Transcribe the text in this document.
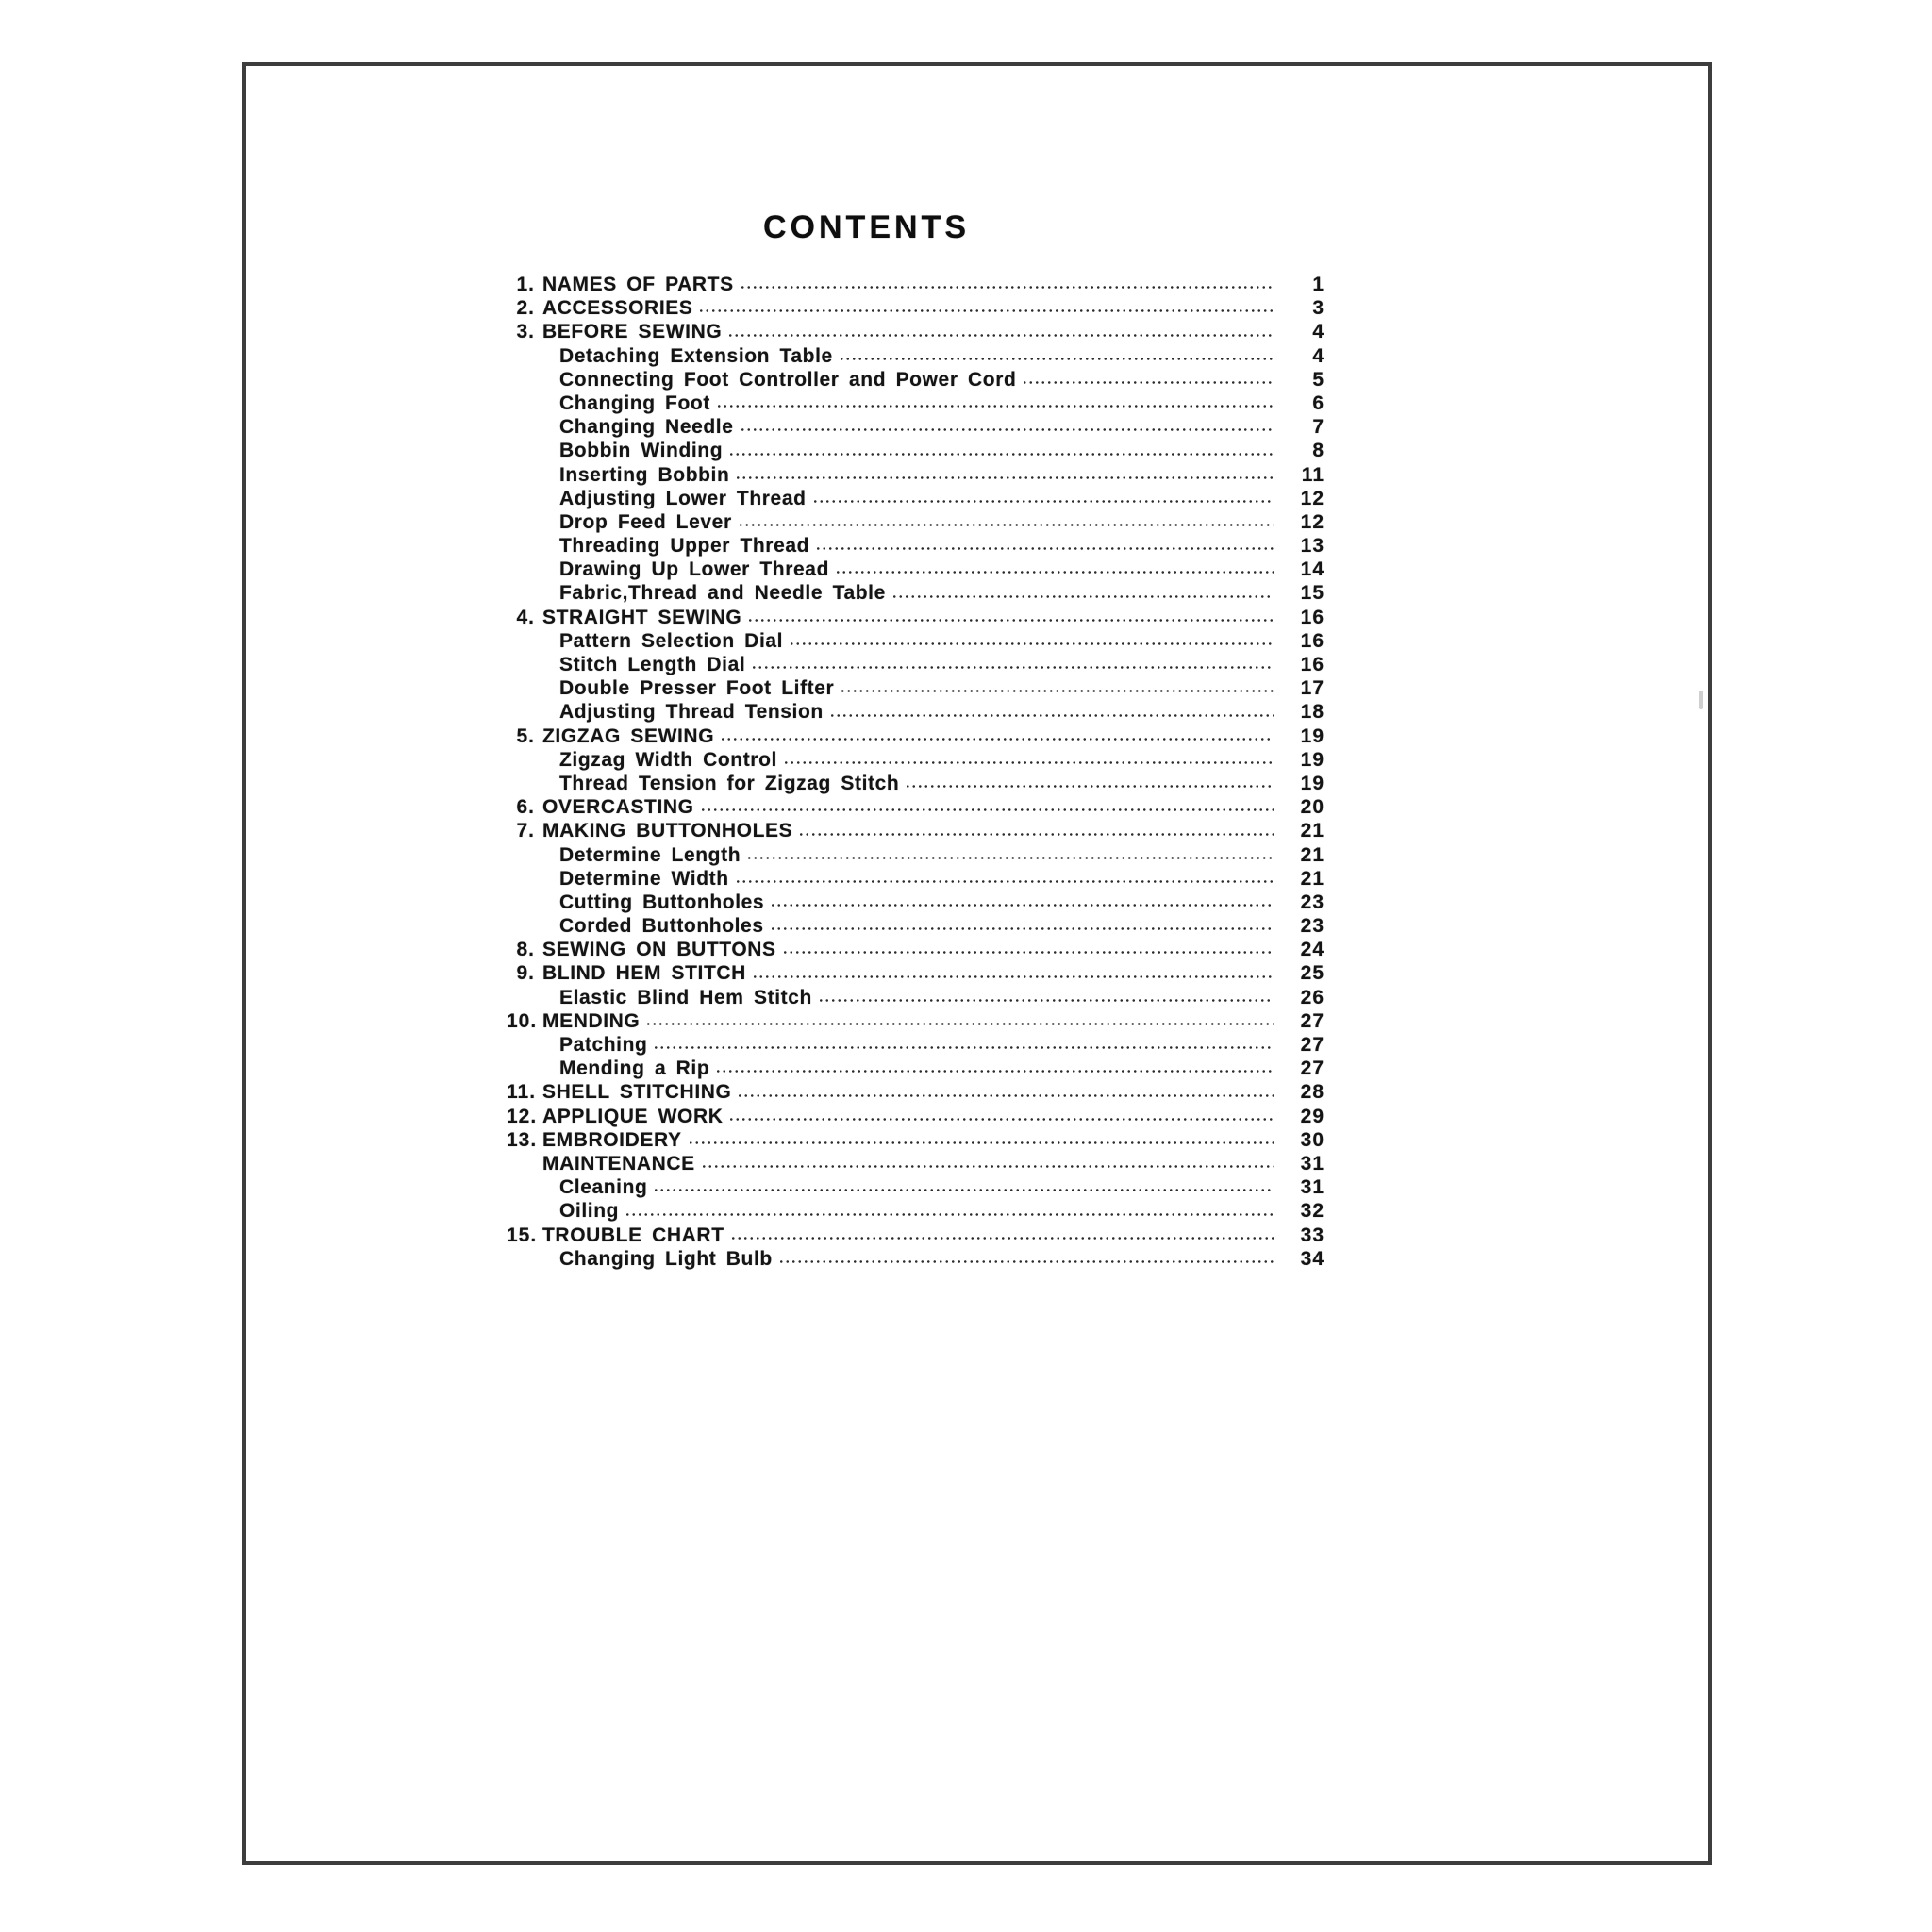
CONTENTS
1. NAMES OF PARTS	1
2. ACCESSORIES	3
3. BEFORE SEWING	4
Detaching Extension Table	4
Connecting Foot Controller and Power Cord	5
Changing Foot	6
Changing Needle	7
Bobbin Winding	8
Inserting Bobbin	11
Adjusting Lower Thread	12
Drop Feed Lever	12
Threading Upper Thread	13
Drawing Up Lower Thread	14
Fabric,Thread and Needle Table	15
4. STRAIGHT SEWING	16
Pattern Selection Dial	16
Stitch Length Dial	16
Double Presser Foot Lifter	17
Adjusting Thread Tension	18
5. ZIGZAG SEWING	19
Zigzag Width Control	19
Thread Tension for Zigzag Stitch	19
6. OVERCASTING	20
7. MAKING BUTTONHOLES	21
Determine Length	21
Determine Width	21
Cutting Buttonholes	23
Corded Buttonholes	23
8. SEWING ON BUTTONS	24
9. BLIND HEM STITCH	25
Elastic Blind Hem Stitch	26
10. MENDING	27
Patching	27
Mending a Rip	27
11. SHELL STITCHING	28
12. APPLIQUE WORK	29
13. EMBROIDERY	30
MAINTENANCE	31
Cleaning	31
Oiling	32
15. TROUBLE CHART	33
Changing Light Bulb	34
